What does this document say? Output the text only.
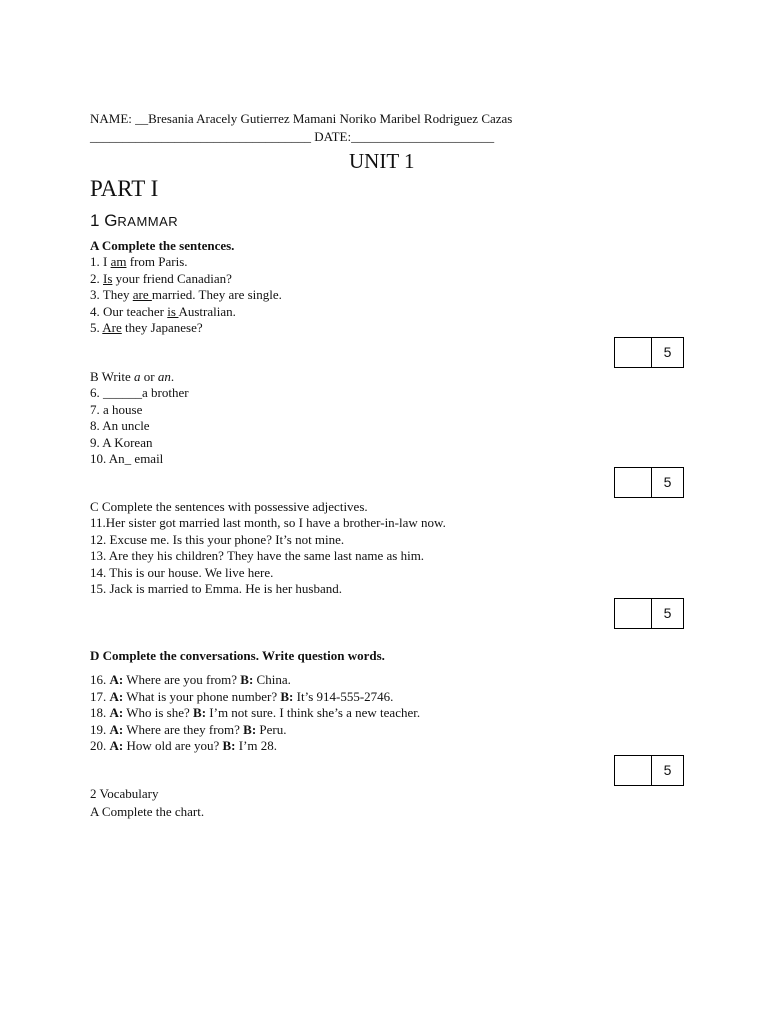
NAME: __Bresania Aracely Gutierrez Mamani Noriko Maribel Rodriguez Cazas
__________________________________ DATE:______________________
UNIT 1
PART I
1 GRAMMAR
A Complete the sentences.
1. I am from Paris.
2. Is your friend Canadian?
3. They are married. They are single.
4. Our teacher is Australian.
5. Are they Japanese?
5
B Write a or an.
6. ______a brother
7. a house
8. An uncle
9. A Korean
10. An_ email
5
C Complete the sentences with possessive adjectives.
11.Her sister got married last month, so I have a brother-in-law now.
12. Excuse me. Is this your phone? It’s not mine.
13. Are they his children? They have the same last name as him.
14. This is our house. We live here.
15. Jack is married to Emma. He is her husband.
5
D Complete the conversations. Write question words.
16. A: Where are you from? B: China.
17. A: What is your phone number? B: It’s 914-555-2746.
18. A: Who is she? B: I’m not sure. I think she’s a new teacher.
19. A: Where are they from? B: Peru.
20. A: How old are you? B: I’m 28.
5
2 Vocabulary
A Complete the chart.
